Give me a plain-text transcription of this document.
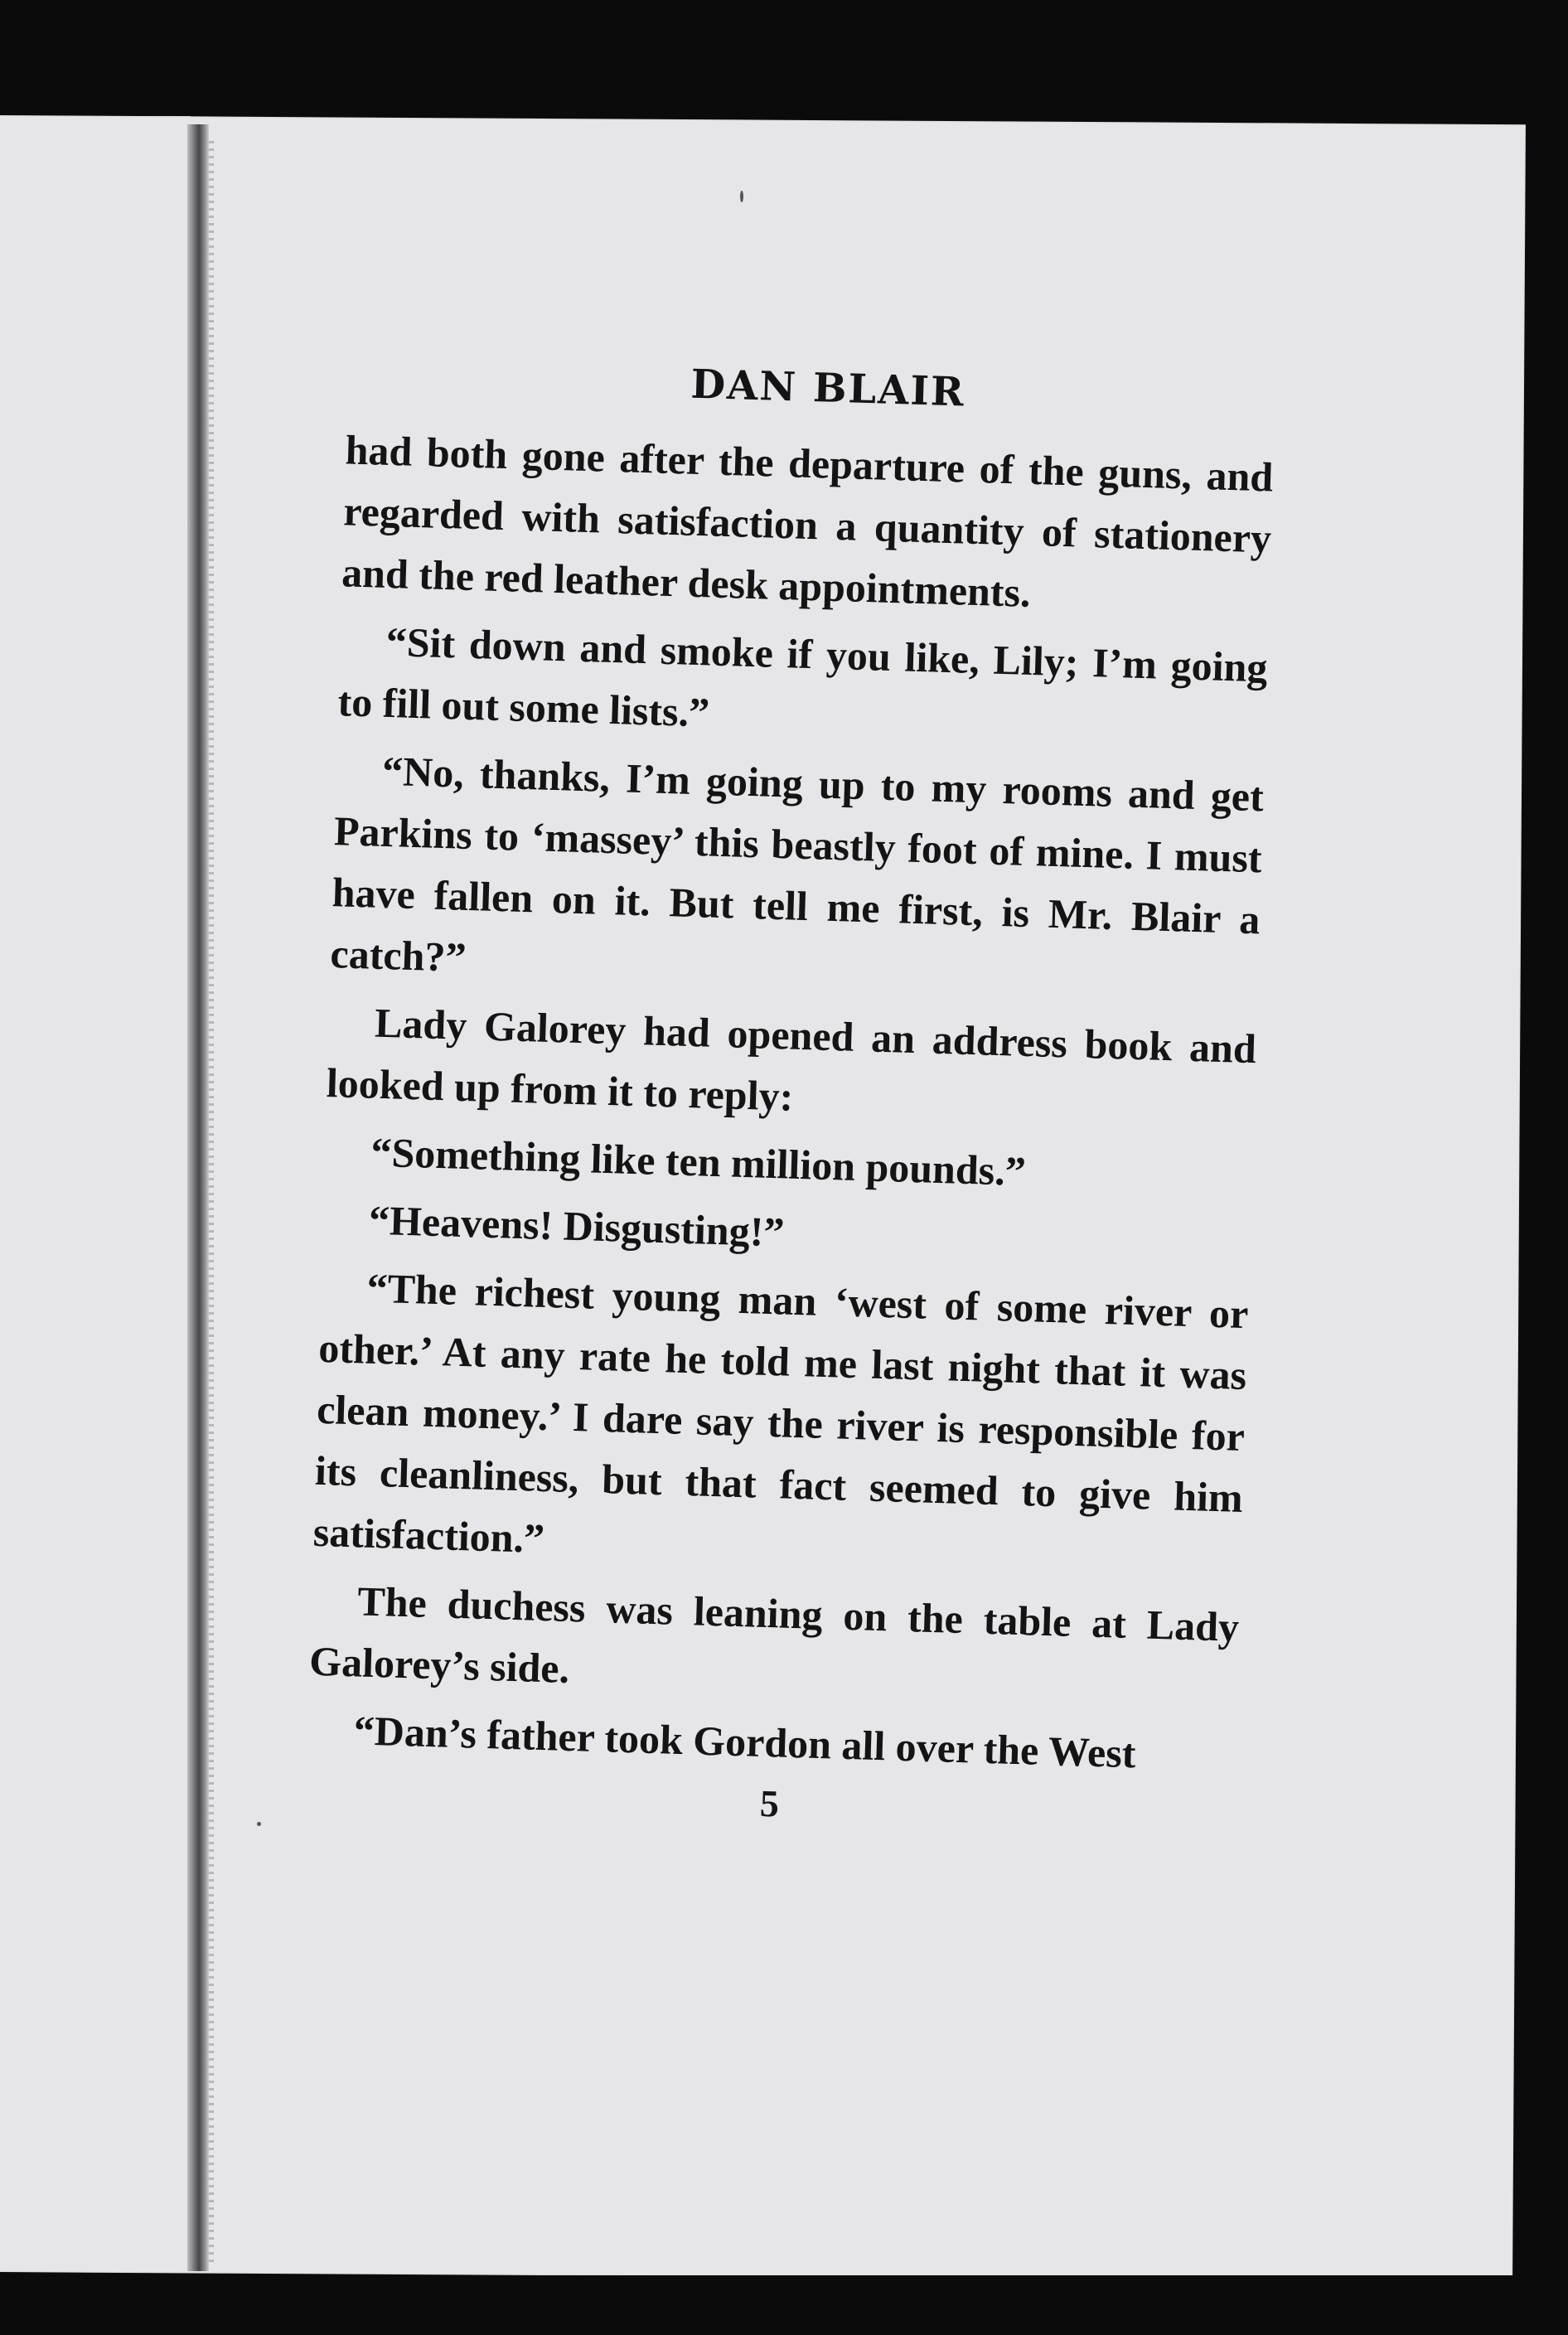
DAN BLAIR

had both gone after the departure of the guns, and regarded with satisfaction a quantity of stationery and the red leather desk appointments.

“Sit down and smoke if you like, Lily; I’m going to fill out some lists.”

“No, thanks, I’m going up to my rooms and get Parkins to ‘massey’ this beastly foot of mine. I must have fallen on it. But tell me first, is Mr. Blair a catch?”

Lady Galorey had opened an address book and looked up from it to reply:

“Something like ten million pounds.”

“Heavens! Disgusting!”

“The richest young man ‘west of some river or other.’ At any rate he told me last night that it was clean money.’ I dare say the river is responsible for its cleanliness, but that fact seemed to give him satisfaction.”

The duchess was leaning on the table at Lady Galorey’s side.

“Dan’s father took Gordon all over the West

5
